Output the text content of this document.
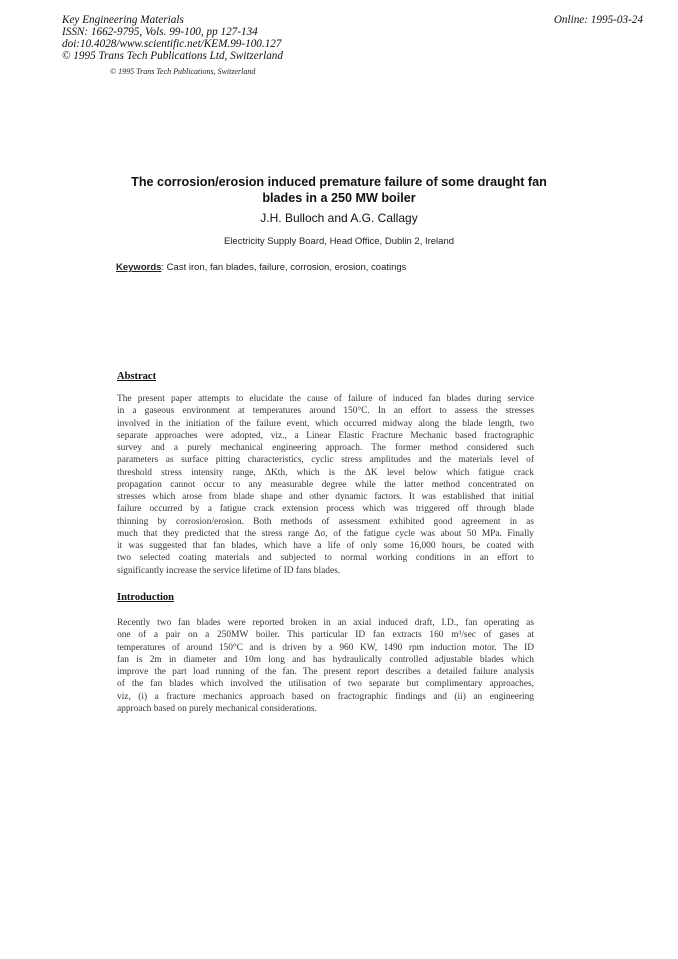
Key Engineering Materials
ISSN: 1662-9795, Vols. 99-100, pp 127-134
doi:10.4028/www.scientific.net/KEM.99-100.127
© 1995 Trans Tech Publications Ltd, Switzerland
Online: 1995-03-24
© 1995 Trans Tech Publications, Switzerland
The corrosion/erosion induced premature failure of some draught fan
blades in a 250 MW boiler
J.H. Bulloch and A.G. Callagy
Electricity Supply Board, Head Office, Dublin 2, Ireland
Keywords: Cast iron, fan blades, failure, corrosion, erosion, coatings
Abstract
The present paper attempts to elucidate the cause of failure of induced fan blades during service
in a gaseous environment at temperatures around 150°C. In an effort to assess the stresses
involved in the initiation of the failure event, which occurred midway along the blade length, two
separate approaches were adopted, viz., a Linear Elastic Fracture Mechanic based fractographic
survey and a purely mechanical engineering approach. The former method considered such
parameters as surface pitting characteristics, cyclic stress amplitudes and the materials level of
threshold stress intensity range, ΔKth, which is the ΔK level below which fatigue crack
propagation cannot occur to any measurable degree while the latter method concentrated on
stresses which arose from blade shape and other dynamic factors. It was established that initial
failure occurred by a fatigue crack extension process which was triggered off through blade
thinning by corrosion/erosion. Both methods of assessment exhibited good agreement in as
much that they predicted that the stress range Δσ, of the fatigue cycle was about 50 MPa. Finally
it was suggested that fan blades, which have a life of only some 16,000 hours, be coated with
two selected coating materials and subjected to normal working conditions in an effort to
significantly increase the service lifetime of ID fans blades.
Introduction
Recently two fan blades were reported broken in an axial induced draft, I.D., fan operating as
one of a pair on a 250MW boiler. This particular ID fan extracts 160 m³/sec of gases at
temperatures of around 150°C and is driven by a 960 KW, 1490 rpm induction motor. The ID
fan is 2m in diameter and 10m long and has hydraulically controlled adjustable blades which
improve the part load running of the fan. The present report describes a detailed failure analysis
of the fan blades which involved the utilisation of two separate but complimentary approaches,
viz, (i) a fracture mechanics approach based on fractographic findings and (ii) an engineering
approach based on purely mechanical considerations.
